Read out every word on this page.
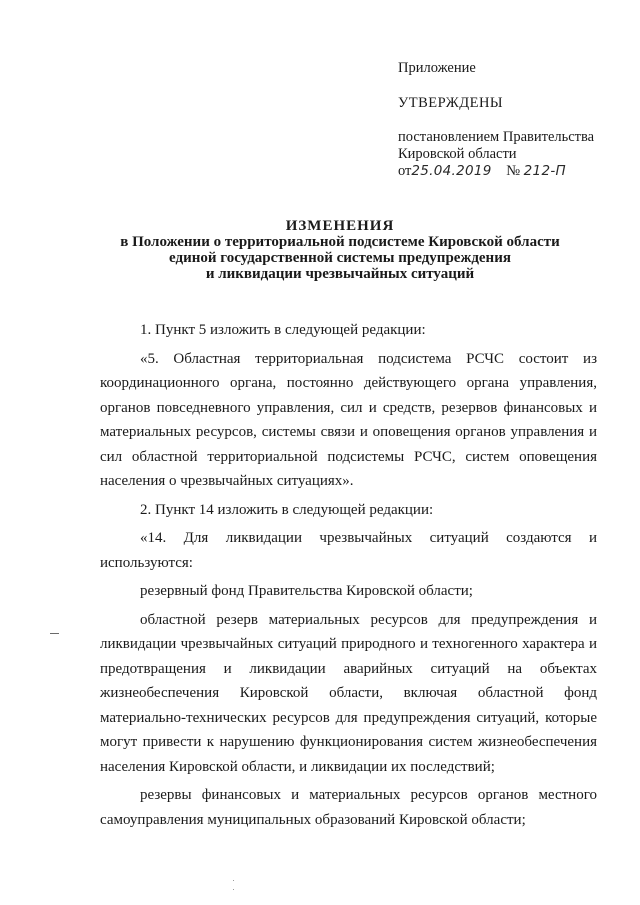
Приложение
УТВЕРЖДЕНЫ
постановлением Правительства
Кировской области
от25.04.2019 № 212-П
ИЗМЕНЕНИЯ
в Положении о территориальной подсистеме Кировской области
единой государственной системы предупреждения
и ликвидации чрезвычайных ситуаций

1. Пункт 5 изложить в следующей редакции:

«5. Областная территориальная подсистема РСЧС состоит из координационного органа, постоянно действующего органа управления, органов повседневного управления, сил и средств, резервов финансовых и материальных ресурсов, системы связи и оповещения органов управления и сил областной территориальной подсистемы РСЧС, систем оповещения населения о чрезвычайных ситуациях».

2. Пункт 14 изложить в следующей редакции:

«14. Для ликвидации чрезвычайных ситуаций создаются и используются:

резервный фонд Правительства Кировской области;

областной резерв материальных ресурсов для предупреждения и ликвидации чрезвычайных ситуаций природного и техногенного характера и предотвращения и ликвидации аварийных ситуаций на объектах жизнеобеспечения Кировской области, включая областной фонд материально-технических ресурсов для предупреждения ситуаций, которые могут привести к нарушению функционирования систем жизнеобеспечения населения Кировской области, и ликвидации их последствий;

резервы финансовых и материальных ресурсов органов местного самоуправления муниципальных образований Кировской области;
